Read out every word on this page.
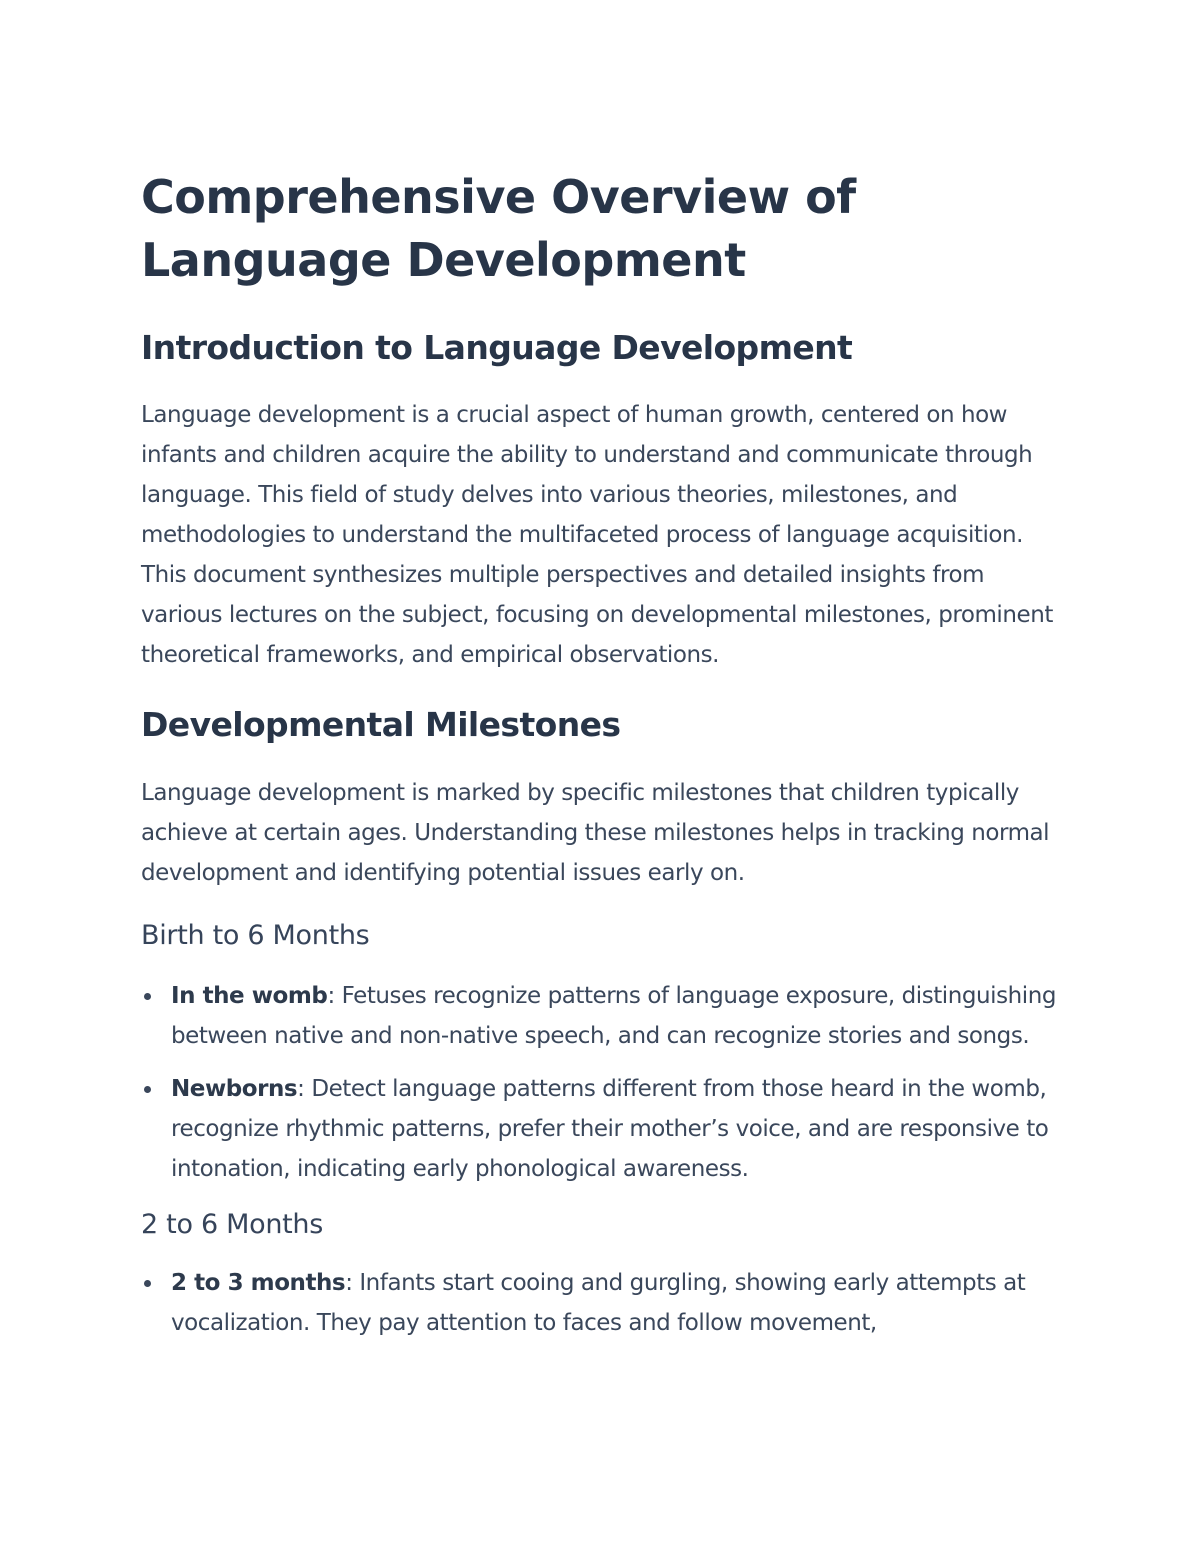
Comprehensive Overview of Language Development
Introduction to Language Development

Language development is a crucial aspect of human growth, centered on how infants and children acquire the ability to understand and communicate through language. This field of study delves into various theories, milestones, and methodologies to understand the multifaceted process of language acquisition. This document synthesizes multiple perspectives and detailed insights from various lectures on the subject, focusing on developmental milestones, prominent theoretical frameworks, and empirical observations.

Developmental Milestones

Language development is marked by specific milestones that children typically achieve at certain ages. Understanding these milestones helps in tracking normal development and identifying potential issues early on.

Birth to 6 Months
In the womb: Fetuses recognize patterns of language exposure, distinguishing between native and non-native speech, and can recognize stories and songs.
Newborns: Detect language patterns different from those heard in the womb, recognize rhythmic patterns, prefer their mother’s voice, and are responsive to intonation, indicating early phonological awareness.
2 to 6 Months
2 to 3 months: Infants start cooing and gurgling, showing early attempts at vocalization. They pay attention to faces and follow movement,
